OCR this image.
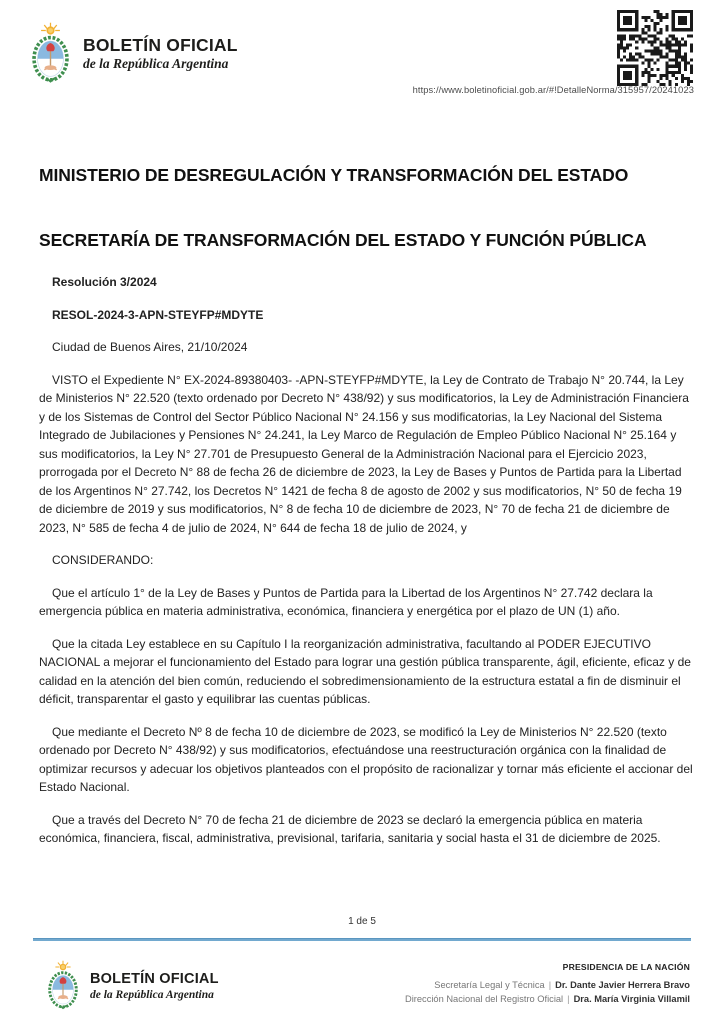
BOLETÍN OFICIAL
de la República Argentina
https://www.boletinoficial.gob.ar/#!DetalleNorma/315957/20241023
MINISTERIO DE DESREGULACIÓN Y TRANSFORMACIÓN DEL ESTADO
SECRETARÍA DE TRANSFORMACIÓN DEL ESTADO Y FUNCIÓN PÚBLICA

Resolución 3/2024

RESOL-2024-3-APN-STEYFP#MDYTE

Ciudad de Buenos Aires, 21/10/2024

VISTO el Expediente N° EX-2024-89380403- -APN-STEYFP#MDYTE, la Ley de Contrato de Trabajo N° 20.744, la Ley de Ministerios N° 22.520 (texto ordenado por Decreto N° 438/92) y sus modificatorios, la Ley de Administración Financiera y de los Sistemas de Control del Sector Público Nacional N° 24.156 y sus modificatorias, la Ley Nacional del Sistema Integrado de Jubilaciones y Pensiones N° 24.241, la Ley Marco de Regulación de Empleo Público Nacional N° 25.164 y sus modificatorios, la Ley N° 27.701 de Presupuesto General de la Administración Nacional para el Ejercicio 2023, prorrogada por el Decreto N° 88 de fecha 26 de diciembre de 2023, la Ley de Bases y Puntos de Partida para la Libertad de los Argentinos N° 27.742, los Decretos N° 1421 de fecha 8 de agosto de 2002 y sus modificatorios, N° 50 de fecha 19 de diciembre de 2019 y sus modificatorios, N° 8 de fecha 10 de diciembre de 2023, N° 70 de fecha 21 de diciembre de 2023, N° 585 de fecha 4 de julio de 2024, N° 644 de fecha 18 de julio de 2024, y

CONSIDERANDO:

Que el artículo 1° de la Ley de Bases y Puntos de Partida para la Libertad de los Argentinos N° 27.742 declara la emergencia pública en materia administrativa, económica, financiera y energética por el plazo de UN (1) año.

Que la citada Ley establece en su Capítulo I la reorganización administrativa, facultando al PODER EJECUTIVO NACIONAL a mejorar el funcionamiento del Estado para lograr una gestión pública transparente, ágil, eficiente, eficaz y de calidad en la atención del bien común, reduciendo el sobredimensionamiento de la estructura estatal a fin de disminuir el déficit, transparentar el gasto y equilibrar las cuentas públicas.

Que mediante el Decreto Nº 8 de fecha 10 de diciembre de 2023, se modificó la Ley de Ministerios N° 22.520 (texto ordenado por Decreto N° 438/92) y sus modificatorios, efectuándose una reestructuración orgánica con la finalidad de optimizar recursos y adecuar los objetivos planteados con el propósito de racionalizar y tornar más eficiente el accionar del Estado Nacional.

Que a través del Decreto N° 70 de fecha 21 de diciembre de 2023 se declaró la emergencia pública en materia económica, financiera, fiscal, administrativa, previsional, tarifaria, sanitaria y social hasta el 31 de diciembre de 2025.

1 de 5
BOLETÍN OFICIAL
de la República Argentina
PRESIDENCIA DE LA NACIÓN
Secretaría Legal y Técnica | Dr. Dante Javier Herrera Bravo
Dirección Nacional del Registro Oficial | Dra. María Virginia Villamil
